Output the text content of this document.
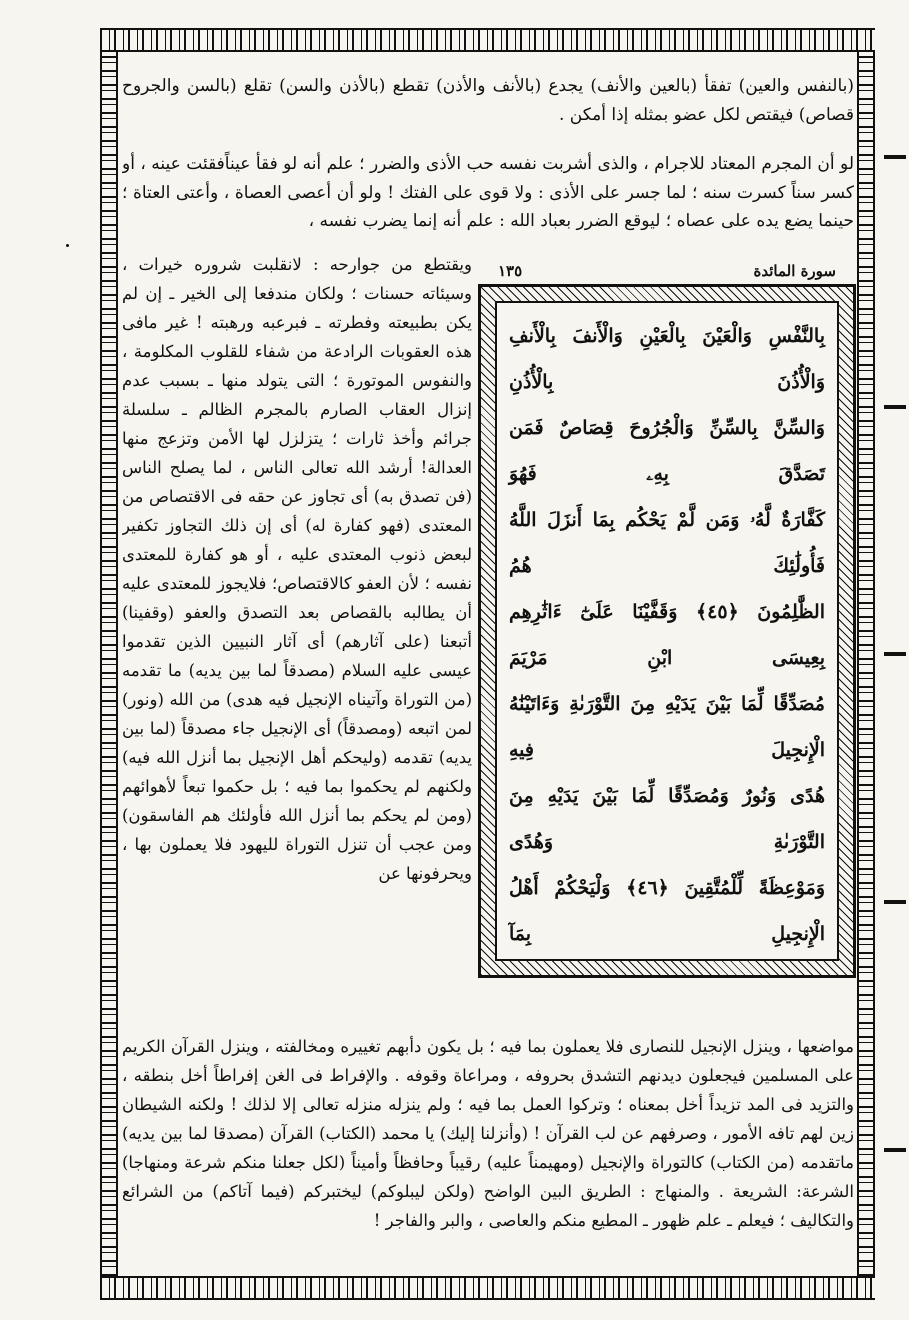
(بالنفس والعين) تفقأ (بالعين والأنف) يجدع (بالأنف والأذن) تقطع (بالأذن والسن) تقلع (بالسن والجروح قصاص) فيقتص لكل عضو بمثله إذا أمكن .

لو أن المجرم المعتاد للاجرام ، والذى أشربت نفسه حب الأذى والضرر ؛ علم أنه لو فقأ عيناًفقئت عينه ، أو كسر سناً كسرت سنه ؛ لما جسر على الأذى : ولا قوى على الفتك ! ولو أن أعصى العصاة ، وأعتى العتاة ؛ حينما يضع يده على عصاه ؛ ليوقع الضرر بعباد الله : علم أنه إنما يضرب نفسه ،

سورة المائدة
١٣٥

بِالنَّفْسِ وَالْعَيْنَ بِالْعَيْنِ وَالْأَنفَ بِالْأَنفِ وَالْأُذُنَ بِالْأُذُنِ

وَالسِّنَّ بِالسِّنِّ وَالْجُرُوحَ قِصَاصٌ فَمَن تَصَدَّقَ بِهِۦ فَهُوَ

كَفَّارَةٌ لَّهُۥ وَمَن لَّمْ يَحْكُم بِمَا أَنزَلَ اللَّهُ فَأُولَٰئِكَ هُمُ

الظَّٰلِمُونَ ﴿٤٥﴾ وَقَفَّيْنَا عَلَىٰٓ ءَاثَٰرِهِم بِعِيسَى ابْنِ مَرْيَمَ

مُصَدِّقًا لِّمَا بَيْنَ يَدَيْهِ مِنَ التَّوْرَىٰةِ وَءَاتَيْنَٰهُ الْإِنجِيلَ فِيهِ

هُدًى وَنُورٌ وَمُصَدِّقًا لِّمَا بَيْنَ يَدَيْهِ مِنَ التَّوْرَىٰةِ وَهُدًى

وَمَوْعِظَةً لِّلْمُتَّقِينَ ﴿٤٦﴾ وَلْيَحْكُمْ أَهْلُ الْإِنجِيلِ بِمَآ

ويقتطع من جوارحه : لانقلبت شروره خيرات ، وسيئاته حسنات ؛ ولكان مندفعا إلى الخير ـ إن لم يكن بطبيعته وفطرته ـ فبرعبه ورهبته ! غير مافى هذه العقوبات الرادعة من شفاء للقلوب المكلومة ، والنفوس الموتورة ؛ التى يتولد منها ـ بسبب عدم إنزال العقاب الصارم بالمجرم الظالم ـ سلسلة جرائم وأخذ ثارات ؛ يتزلزل لها الأمن وتزعج منها العدالة! أرشد الله تعالى الناس ، لما يصلح الناس (فن تصدق به) أى تجاوز عن حقه فى الاقتصاص من المعتدى (فهو كفارة له) أى إن ذلك التجاوز تكفير لبعض ذنوب المعتدى عليه ، أو هو كفارة للمعتدى نفسه ؛ لأن العفو كالاقتصاص؛ فلايجوز للمعتدى عليه أن يطالبه بالقصاص بعد التصدق والعفو (وقفينا) أتبعنا (على آثارهم) أى آثار النبيين الذين تقدموا عيسى عليه السلام (مصدقاً لما بين يديه) ما تقدمه (من التوراة وآتيناه الإنجيل فيه هدى) من الله (ونور) لمن اتبعه (ومصدقاً) أى الإنجيل جاء مصدقاً (لما بين يديه) تقدمه (وليحكم أهل الإنجيل بما أنزل الله فيه) ولكنهم لم يحكموا بما فيه ؛ بل حكموا تبعاً لأهوائهم (ومن لم يحكم بما أنزل الله فأولئك هم الفاسقون) ومن عجب أن تنزل التوراة لليهود فلا يعملون بها ، ويحرفونها عن

مواضعها ، وينزل الإنجيل للنصارى فلا يعملون بما فيه ؛ بل يكون دأبهم تغييره ومخالفته ، وينزل القرآن الكريم على المسلمين فيجعلون ديدنهم التشدق بحروفه ، ومراعاة وقوفه . والإفراط فى الغن إفراطاً أخل بنطقه ، والتزيد فى المد تزيداً أخل بمعناه ؛ وتركوا العمل بما فيه ؛ ولم ينزله منزله تعالى إلا لذلك ! ولكنه الشيطان زين لهم تافه الأمور ، وصرفهم عن لب القرآن ! (وأنزلنا إليك) يا محمد (الكتاب) القرآن (مصدقا لما بين يديه) ماتقدمه (من الكتاب) كالتوراة والإنجيل (ومهيمناً عليه) رقيباً وحافظاً وأميناً (لكل جعلنا منكم شرعة ومنهاجا) الشرعة: الشريعة . والمنهاج : الطريق البين الواضح (ولكن ليبلوكم) ليختبركم (فيما آتاكم) من الشرائع والتكاليف ؛ فيعلم ـ علم ظهور ـ المطيع منكم والعاصى ، والبر والفاجر !
